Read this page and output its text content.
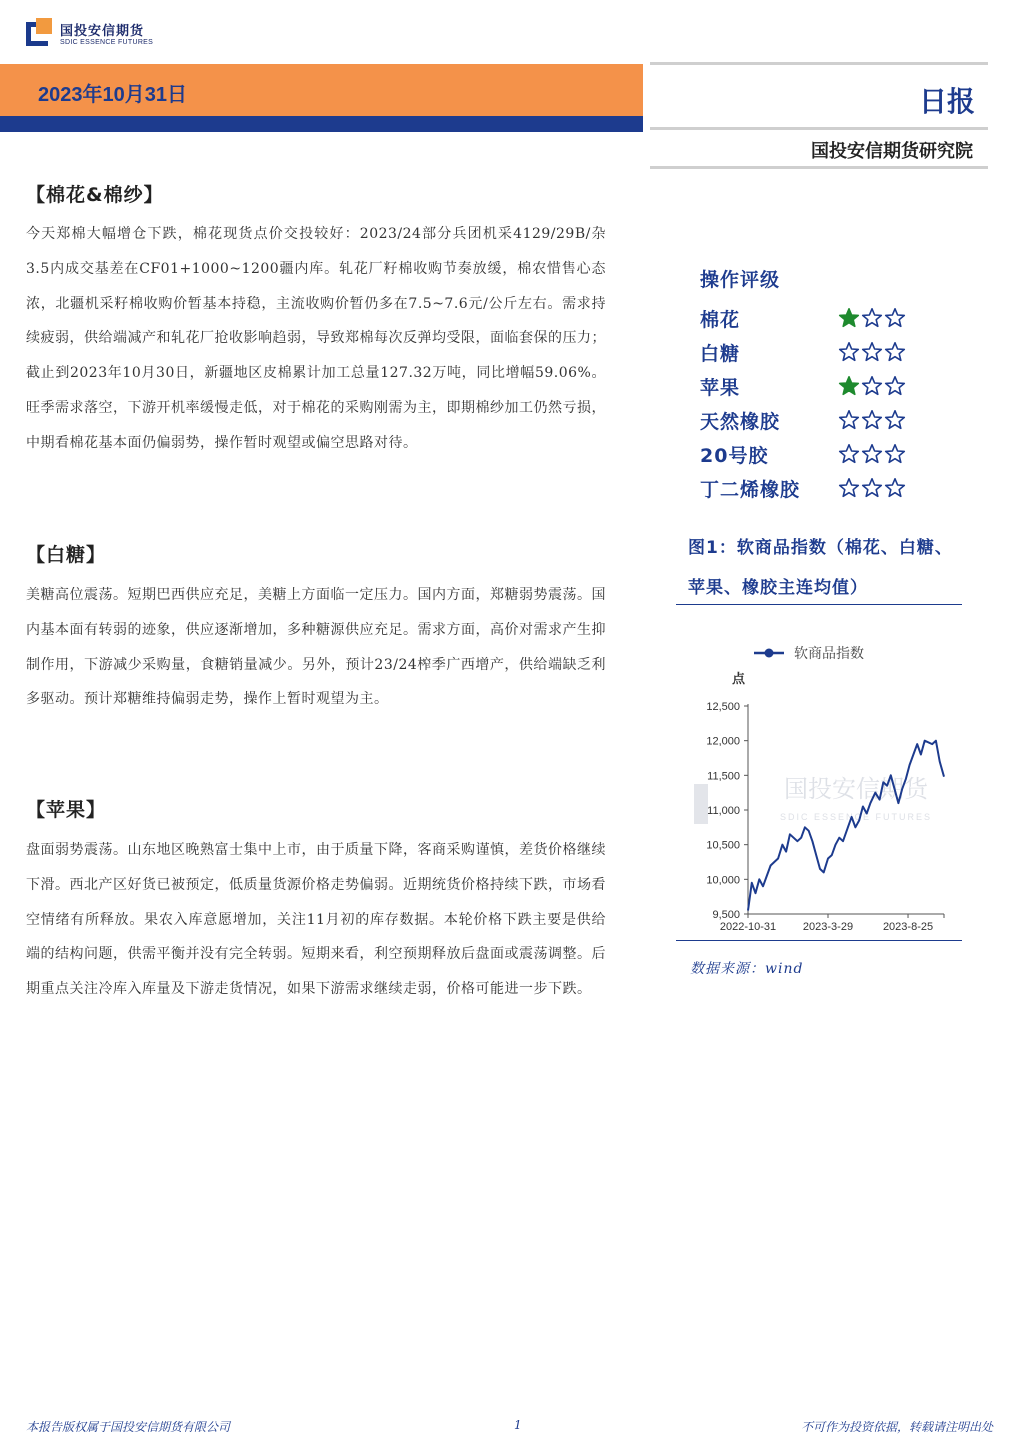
国投安信期货
SDIC ESSENCE FUTURES
2023年10月31日	日报
国投安信期货研究院
【棉花&棉纱】
今天郑棉大幅增仓下跌，棉花现货点价交投较好：2023/24部分兵团机采4129/29B/杂3.5内成交基差在CF01+1000~1200疆内库。轧花厂籽棉收购节奏放缓，棉农惜售心态浓，北疆机采籽棉收购价暂基本持稳，主流收购价暂仍多在7.5~7.6元/公斤左右。需求持续疲弱，供给端减产和轧花厂抢收影响趋弱，导致郑棉每次反弹均受限，面临套保的压力；截止到2023年10月30日，新疆地区皮棉累计加工总量127.32万吨，同比增幅59.06%。旺季需求落空，下游开机率缓慢走低，对于棉花的采购刚需为主，即期棉纱加工仍然亏损，中期看棉花基本面仍偏弱势，操作暂时观望或偏空思路对待。
【白糖】
美糖高位震荡。短期巴西供应充足，美糖上方面临一定压力。国内方面，郑糖弱势震荡。国内基本面有转弱的迹象，供应逐渐增加，多种糖源供应充足。需求方面，高价对需求产生抑制作用，下游减少采购量，食糖销量减少。另外，预计23/24榨季广西增产，供给端缺乏利多驱动。预计郑糖维持偏弱走势，操作上暂时观望为主。
【苹果】
盘面弱势震荡。山东地区晚熟富士集中上市，由于质量下降，客商采购谨慎，差货价格继续下滑。西北产区好货已被预定，低质量货源价格走势偏弱。近期统货价格持续下跌，市场看空情绪有所释放。果农入库意愿增加，关注11月初的库存数据。本轮价格下跌主要是供给端的结构问题，供需平衡并没有完全转弱。短期来看，利空预期释放后盘面或震荡调整。后期重点关注冷库入库量及下游走货情况，如果下游需求继续走弱，价格可能进一步下跌。
操作评级
棉花
白糖
苹果
天然橡胶
20号胶
丁二烯橡胶
图1：软商品指数（棉花、白糖、苹果、橡胶主连均值）
国投安信期货
SDIC ESSENCE FUTURES
软商品指数
点
9,500
10,000
10,500
11,000
11,500
12,000
12,500
2022-10-31 2023-3-29	2023-8-25
数据来源：wind
本报告版权属于国投安信期货有限公司	1	不可作为投资依据，转载请注明出处
